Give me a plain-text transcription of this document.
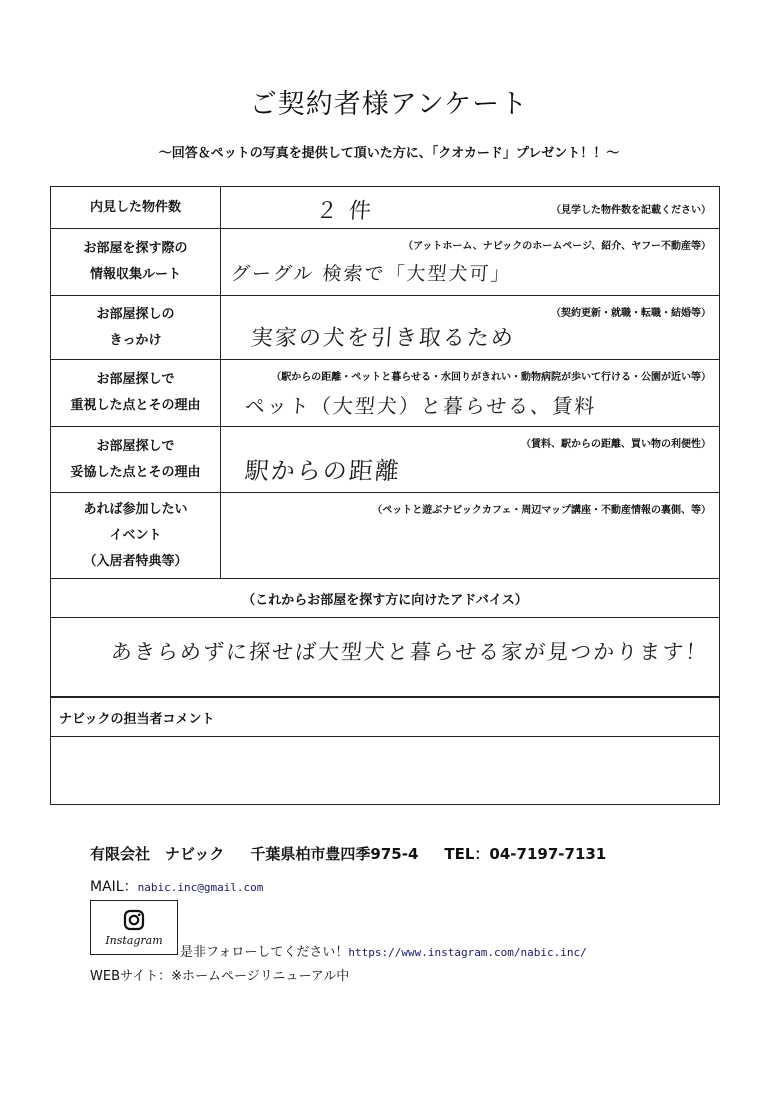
ご契約者様アンケート
～回答＆ペットの写真を提供して頂いた方に、「クオカード」プレゼント！！～
内見した物件数	（見学した物件数を記載ください）
２ 件
お部屋を探す際の
情報収集ルート
（アットホーム、ナビックのホームページ、紹介、ヤフー不動産等）
グーグル 検索で「大型犬可」
お部屋探しの
きっかけ
（契約更新・就職・転職・結婚等）
実家の犬を引き取るため
お部屋探しで
重視した点とその理由
（駅からの距離・ペットと暮らせる・水回りがきれい・動物病院が歩いて行ける・公園が近い等）
ペット（大型犬）と暮らせる、賃料
お部屋探しで
妥協した点とその理由
（賃料、駅からの距離、買い物の利便性）
駅からの距離
あれば参加したい
イベント
（入居者特典等）
（ペットと遊ぶナビックカフェ・周辺マップ講座・不動産情報の裏側、等）
（これからお部屋を探す方に向けたアドバイス）
あきらめずに探せば大型犬と暮らせる家が見つかります！
ナビックの担当者コメント
有限会社　ナビック 千葉県柏市豊四季975-4 TEL：04-7197-7131
MAIL：nabic.inc@gmail.com
Instagram
是非フォローしてください！https://www.instagram.com/nabic.inc/
WEBサイト：※ホームページリニューアル中
